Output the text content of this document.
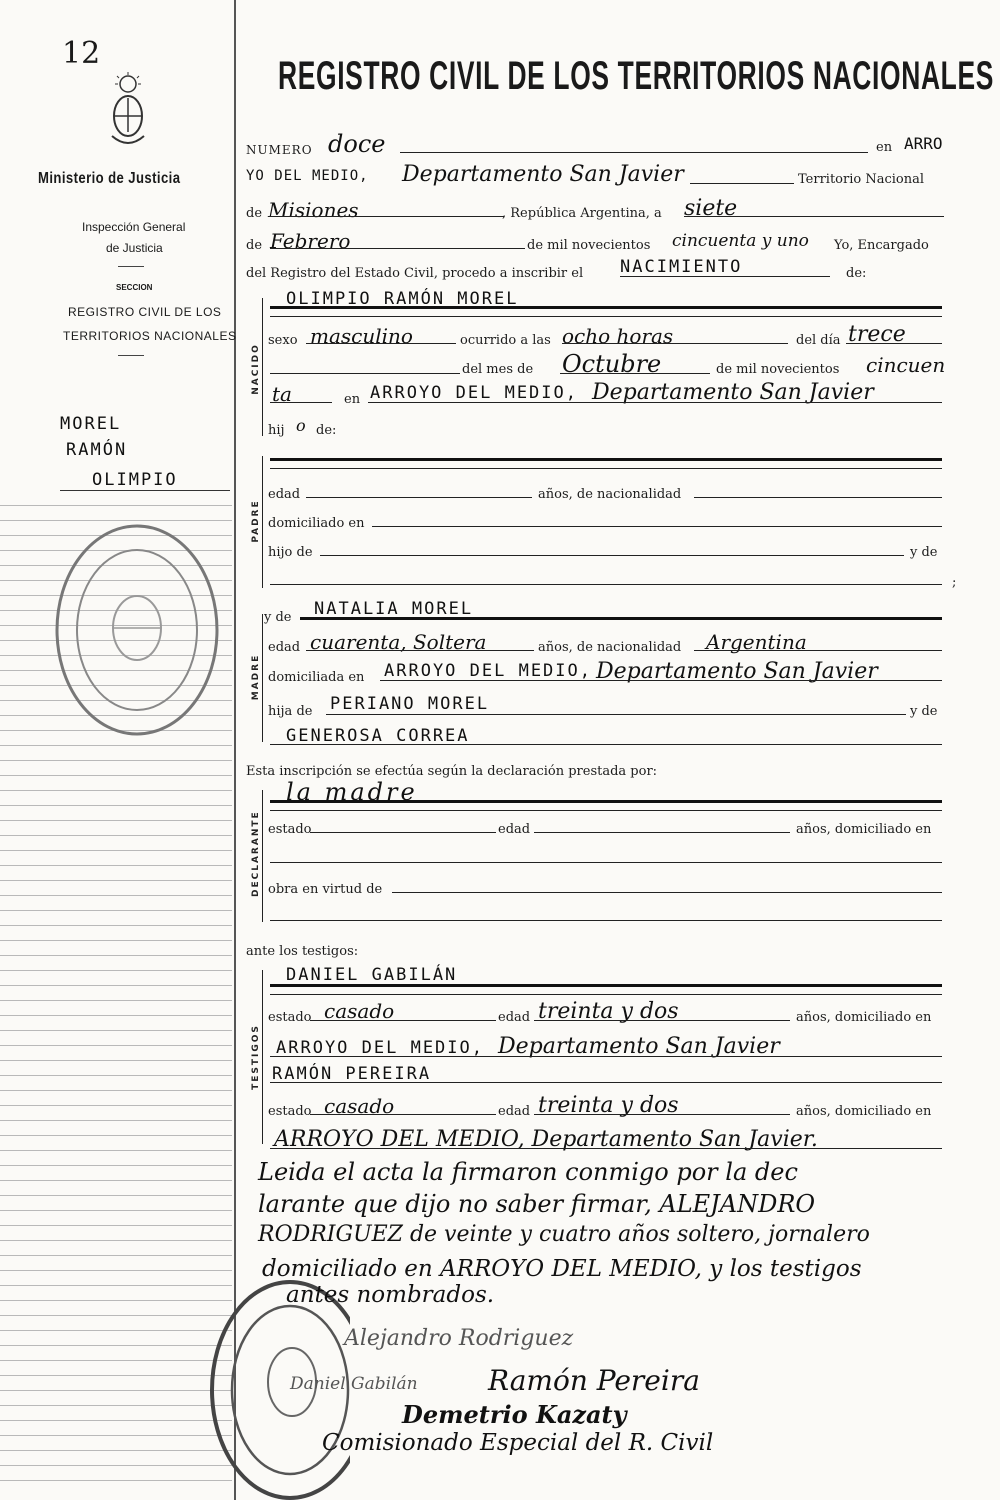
12
Ministerio de Justicia
Inspección General
de Justicia
SECCION
REGISTRO CIVIL DE LOS
TERRITORIOS NACIONALES
MOREL
RAMÓN
OLIMPIO
REGISTRO CIVIL DE LOS TERRITORIOS NACIONALES
NUMERO doce	en ARRO
YO DEL MEDIO, Departamento San Javier	Territorio Nacional
de Misiones	, República Argentina, a siete
de Febrero	de mil novecientos cincuenta y uno Yo, Encargado
del Registro del Estado Civil, procedo a inscribir el NACIMIENTO	de:
NACIDO
OLIMPIO RAMÓN MOREL
sexo masculino	ocurrido a las ocho horas	del día trece
del mes de Octubre	de mil novecientos cincuen
ta	en ARROYO DEL MEDIO, Departamento San Javier
hij o de:
PADRE
edad	años, de nacionalidad
domiciliado en
hijo de	y de
;
MADRE
y de NATALIA MOREL
edad cuarenta, Soltera	años, de nacionalidad Argentina
domiciliada en ARROYO DEL MEDIO, Departamento San Javier
hija de PERIANO MOREL	y de
GENEROSA CORREA
Esta inscripción se efectúa según la declaración prestada por:
DECLARANTE
la madre
estado	edad	años, domiciliado en
obra en virtud de
ante los testigos:
TESTIGOS
DANIEL GABILÁN
estado casado	edad treinta y dos	años, domiciliado en
ARROYO DEL MEDIO, Departamento San Javier
RAMÓN PEREIRA
estado casado	edad treinta y dos	años, domiciliado en
ARROYO DEL MEDIO, Departamento San Javier.
Leida el acta la firmaron conmigo por la dec
larante que dijo no saber firmar, ALEJANDRO
RODRIGUEZ de veinte y cuatro años soltero, jornalero
domiciliado en ARROYO DEL MEDIO, y los testigos
antes nombrados.
Alejandro Rodriguez
Daniel Gabilán	Ramón Pereira
Demetrio Kazaty
Comisionado Especial del R. Civil
